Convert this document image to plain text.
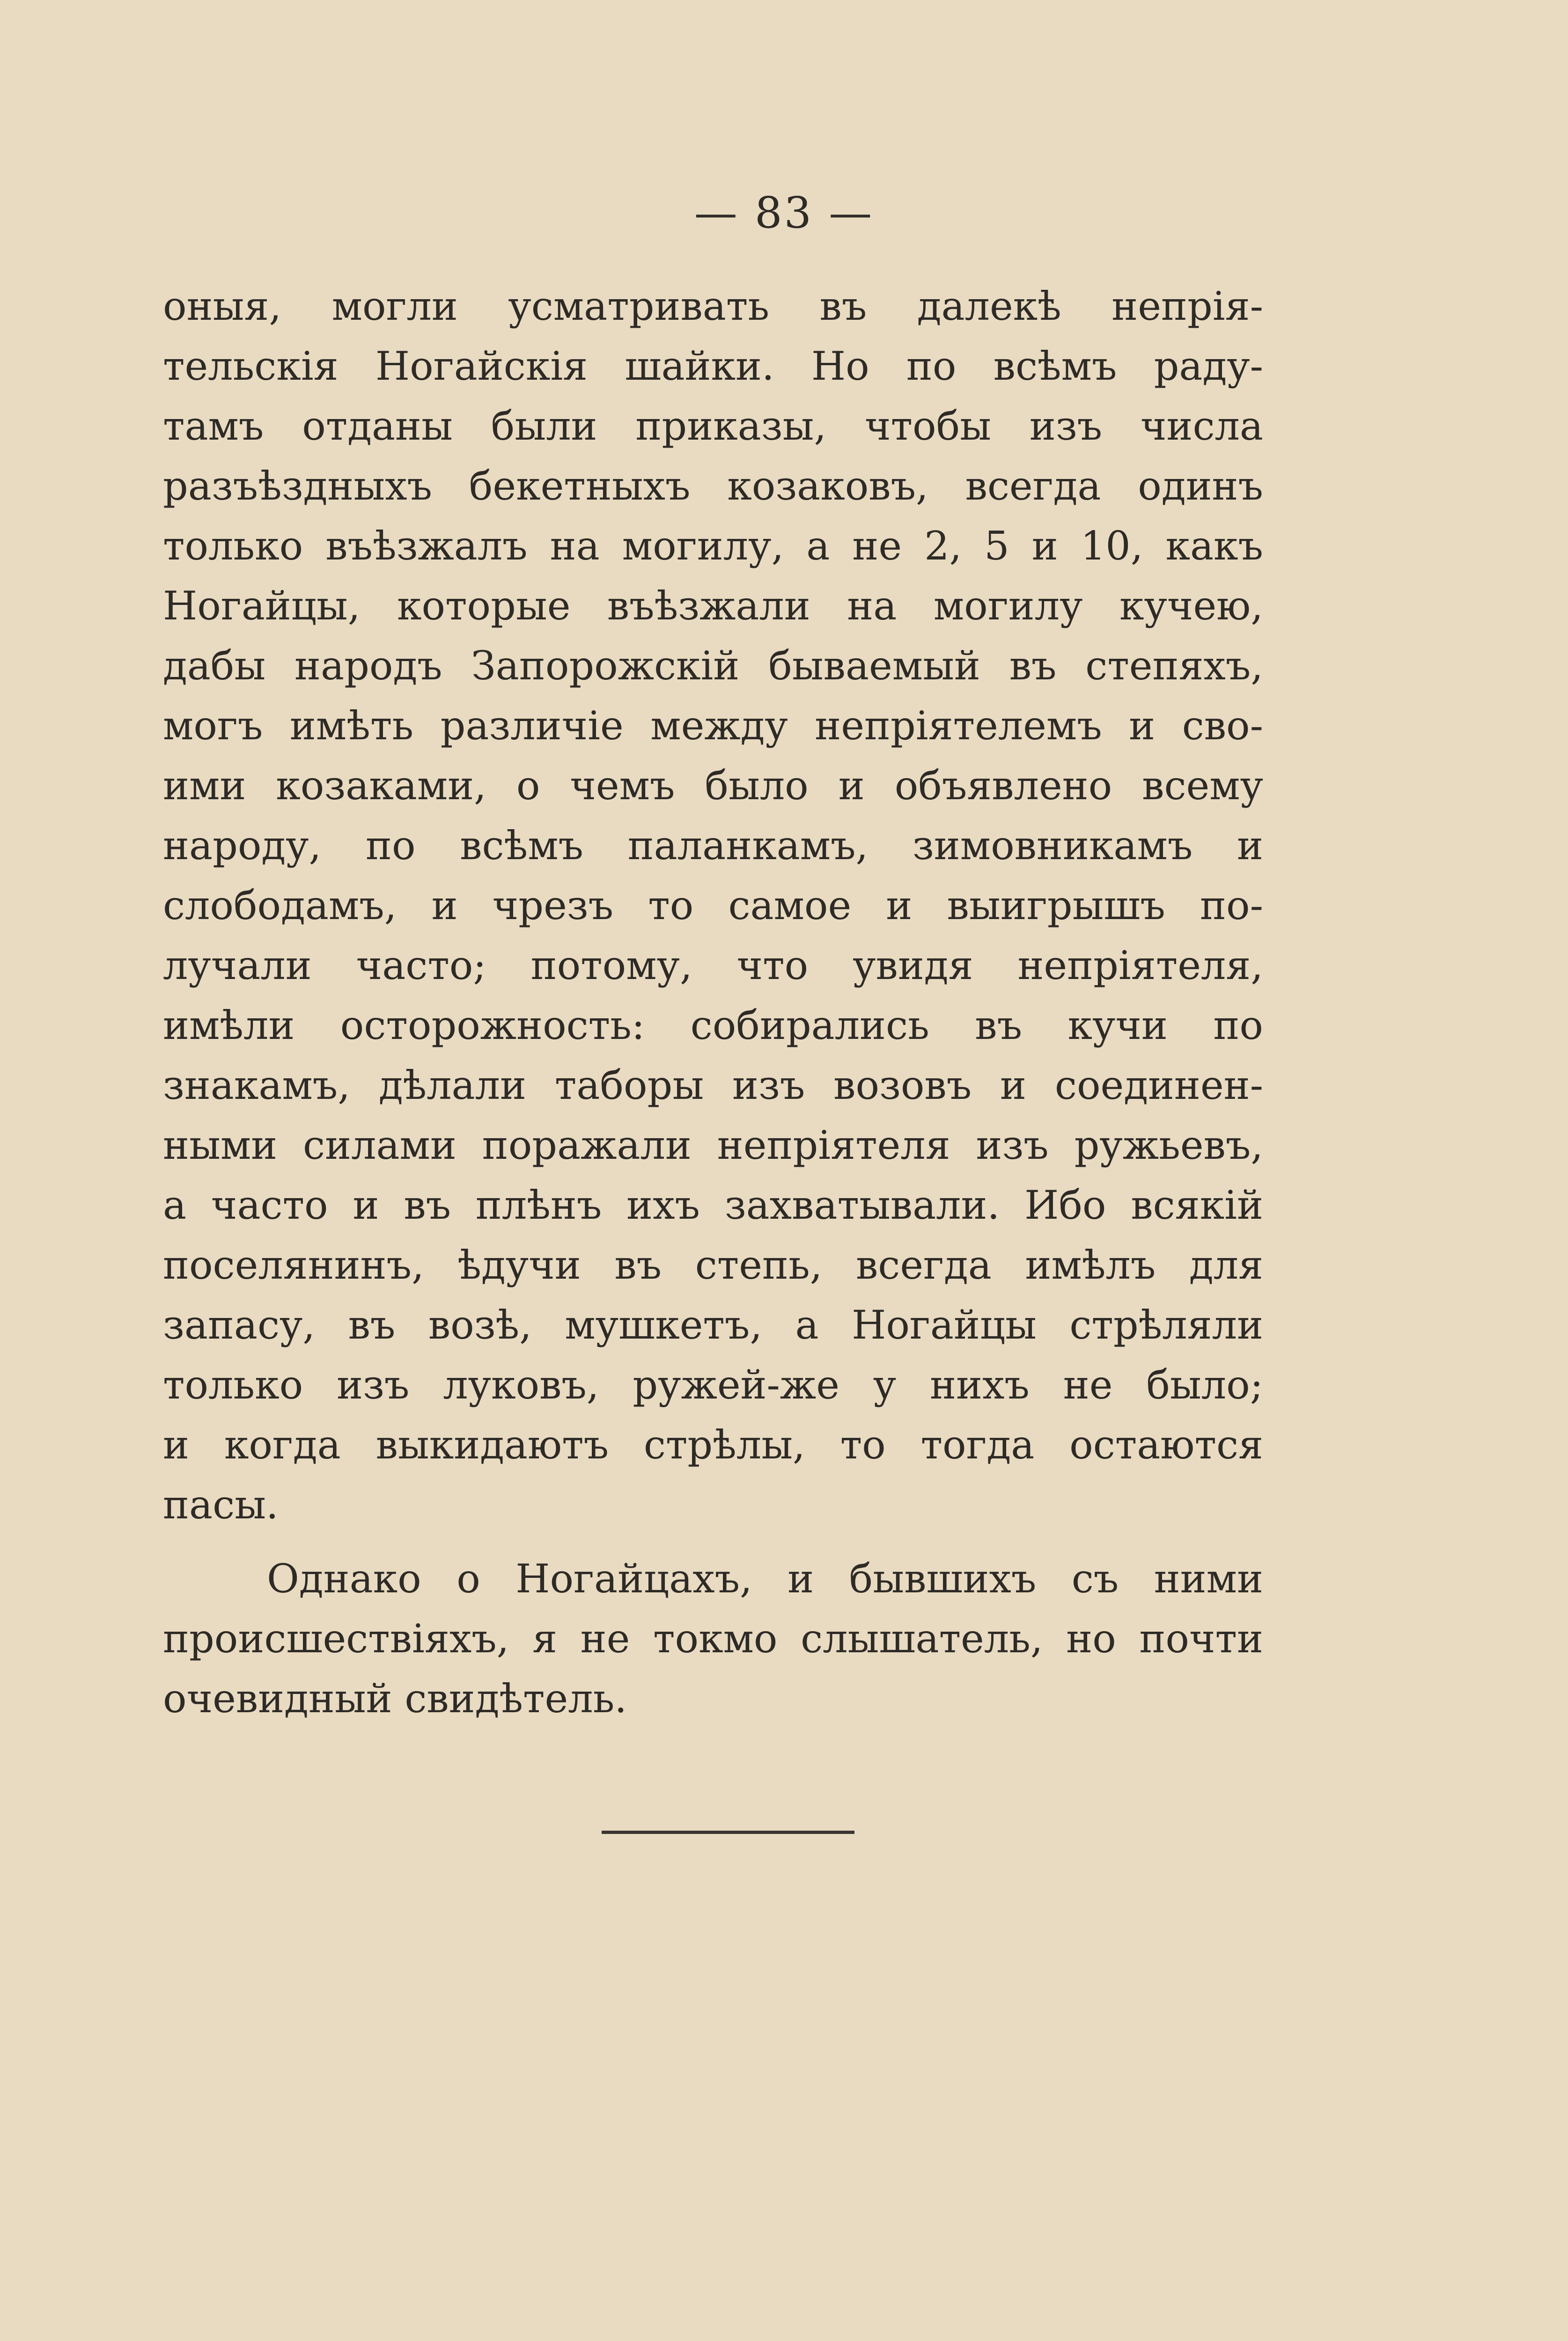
— 83 —
оныя, могли усматривать въ далекѣ непрiя-
тельскiя Ногайскiя шайки. Но по всѣмъ раду-
тамъ отданы были приказы, чтобы изъ числа
разъѣздныхъ бекетныхъ козаковъ, всегда одинъ
только въѣзжалъ на могилу, а не 2, 5 и 10, какъ
Ногайцы, которые въѣзжали на могилу кучею,
дабы народъ Запорожскiй бываемый въ степяхъ,
могъ имѣть различiе между непрiятелемъ и сво-
ими козаками, о чемъ было и объявлено всему
народу, по всѣмъ паланкамъ, зимовникамъ и
слободамъ, и чрезъ то самое и выигрышъ по-
лучали часто; потому, что увидя непрiятеля,
имѣли осторожность: собирались въ кучи по
знакамъ, дѣлали таборы изъ возовъ и соединен-
ными силами поражали непрiятеля изъ ружьевъ,
а часто и въ плѣнъ ихъ захватывали. Ибо всякiй
поселянинъ, ѣдучи въ степь, всегда имѣлъ для
запасу, въ возѣ, мушкетъ, а Ногайцы стрѣляли
только изъ луковъ, ружей-же у нихъ не было;
и когда выкидаютъ стрѣлы, то тогда остаются
пасы.
Однако о Ногайцахъ, и бывшихъ съ ними
происшествiяхъ, я не токмо слышатель, но почти
очевидный свидѣтель.
